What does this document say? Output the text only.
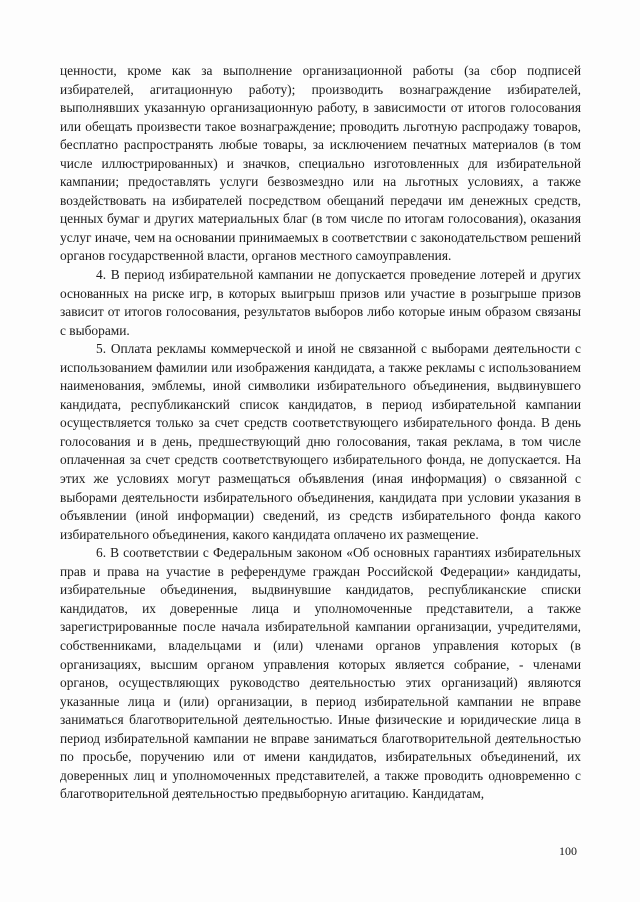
ценности, кроме как за выполнение организационной работы (за сбор подписей избирателей, агитационную работу); производить вознаграждение избирателей, выполнявших указанную организационную работу, в зависимости от итогов голосования или обещать произвести такое вознаграждение; проводить льготную распродажу товаров, бесплатно распространять любые товары, за исключением печатных материалов (в том числе иллюстрированных) и значков, специально изготовленных для избирательной кампании; предоставлять услуги безвозмездно или на льготных условиях, а также воздействовать на избирателей посредством обещаний передачи им денежных средств, ценных бумаг и других материальных благ (в том числе по итогам голосования), оказания услуг иначе, чем на основании принимаемых в соответствии с законодательством решений органов государственной власти, органов местного самоуправления.

4. В период избирательной кампании не допускается проведение лотерей и других основанных на риске игр, в которых выигрыш призов или участие в розыгрыше призов зависит от итогов голосования, результатов выборов либо которые иным образом связаны с выборами.

5. Оплата рекламы коммерческой и иной не связанной с выборами деятельности с использованием фамилии или изображения кандидата, а также рекламы с использованием наименования, эмблемы, иной символики избирательного объединения, выдвинувшего кандидата, республиканский список кандидатов, в период избирательной кампании осуществляется только за счет средств соответствующего избирательного фонда. В день голосования и в день, предшествующий дню голосования, такая реклама, в том числе оплаченная за счет средств соответствующего избирательного фонда, не допускается. На этих же условиях могут размещаться объявления (иная информация) о связанной с выборами деятельности избирательного объединения, кандидата при условии указания в объявлении (иной информации) сведений, из средств избирательного фонда какого избирательного объединения, какого кандидата оплачено их размещение.

6. В соответствии с Федеральным законом «Об основных гарантиях избирательных прав и права на участие в референдуме граждан Российской Федерации» кандидаты, избирательные объединения, выдвинувшие кандидатов, республиканские списки кандидатов, их доверенные лица и уполномоченные представители, а также зарегистрированные после начала избирательной кампании организации, учредителями, собственниками, владельцами и (или) членами органов управления которых (в организациях, высшим органом управления которых является собрание, - членами органов, осуществляющих руководство деятельностью этих организаций) являются указанные лица и (или) организации, в период избирательной кампании не вправе заниматься благотворительной деятельностью. Иные физические и юридические лица в период избирательной кампании не вправе заниматься благотворительной деятельностью по просьбе, поручению или от имени кандидатов, избирательных объединений, их доверенных лиц и уполномоченных представителей, а также проводить одновременно с благотворительной деятельностью предвыборную агитацию. Кандидатам,

100
